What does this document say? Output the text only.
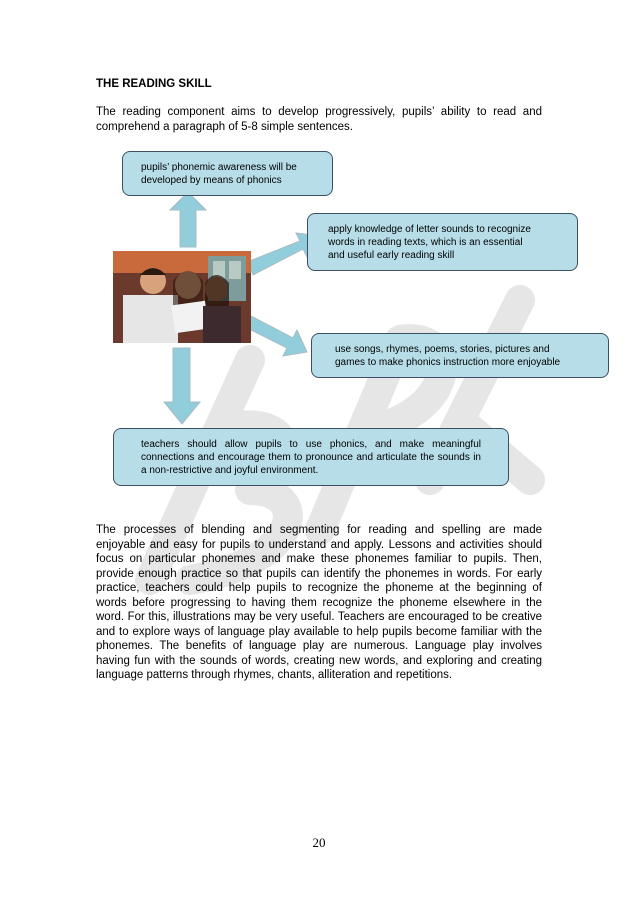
THE READING SKILL
The reading component aims to develop progressively, pupils’ ability to read and comprehend a paragraph of 5-8 simple sentences.
pupils’ phonemic awareness will be
developed by means of phonics
apply knowledge of letter sounds to recognize
words in reading texts, which is an essential
and useful early reading skill
use songs, rhymes, poems, stories, pictures and
games to make phonics instruction more enjoyable
teachers should allow pupils to use phonics, and make meaningful connections and encourage them to pronounce and articulate the sounds in a non-restrictive and joyful environment.
The processes of blending and segmenting for reading and spelling are made enjoyable and easy for pupils to understand and apply. Lessons and activities should focus on particular phonemes and make these phonemes familiar to pupils. Then, provide enough practice so that pupils can identify the phonemes in words. For early practice, teachers could help pupils to recognize the phoneme at the beginning of words before progressing to having them recognize the phoneme elsewhere in the word. For this, illustrations may be very useful. Teachers are encouraged to be creative and to explore ways of language play available to help pupils become familiar with the phonemes. The benefits of language play are numerous. Language play involves having fun with the sounds of words, creating new words, and exploring and creating language patterns through rhymes, chants, alliteration and repetitions.
20
